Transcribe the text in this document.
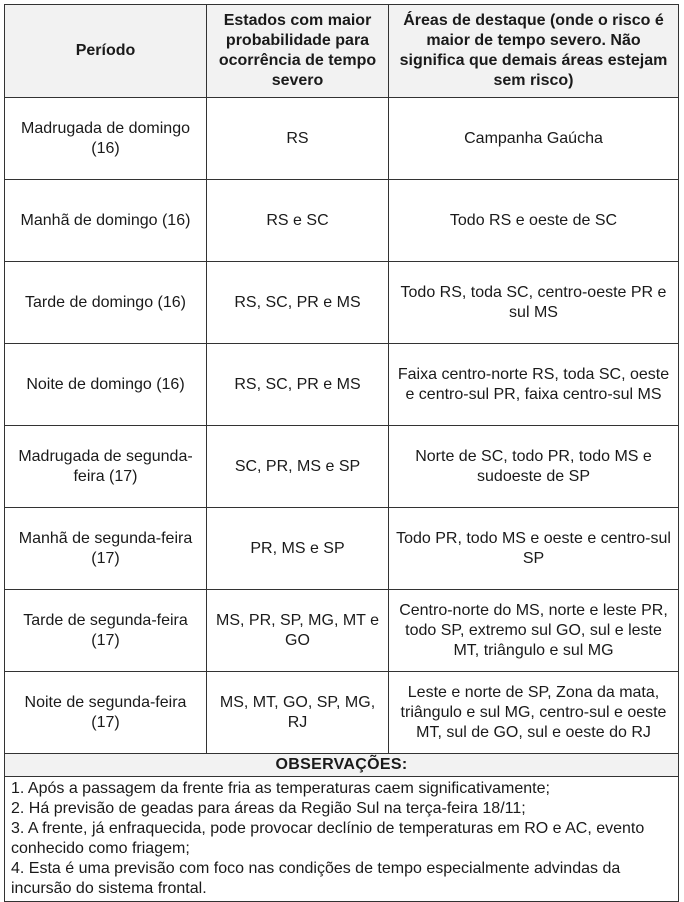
Período	Estados com maior probabilidade para ocorrência de tempo severo	Áreas de destaque (onde o risco é maior de tempo severo. Não significa que demais áreas estejam sem risco)
Madrugada de domingo (16)	RS	Campanha Gaúcha
Manhã de domingo (16)	RS e SC	Todo RS e oeste de SC
Tarde de domingo (16)	RS, SC, PR e MS	Todo RS, toda SC, centro-oeste PR e sul MS
Noite de domingo (16)	RS, SC, PR e MS	Faixa centro-norte RS, toda SC, oeste e centro-sul PR, faixa centro-sul MS
Madrugada de segunda-feira (17)	SC, PR, MS e SP	Norte de SC, todo PR, todo MS e sudoeste de SP
Manhã de segunda-feira (17)	PR, MS e SP	Todo PR, todo MS e oeste e centro-sul SP
Tarde de segunda-feira (17)	MS, PR, SP, MG, MT e GO	Centro-norte do MS, norte e leste PR, todo SP, extremo sul GO, sul e leste MT, triângulo e sul MG
Noite de segunda-feira (17)	MS, MT, GO, SP, MG, RJ	Leste e norte de SP, Zona da mata, triângulo e sul MG, centro-sul e oeste MT, sul de GO, sul e oeste do RJ
OBSERVAÇÕES:		

1. Após a passagem da frente fria as temperaturas caem significativamente;
2. Há previsão de geadas para áreas da Região Sul na terça-feira 18/11;
3. A frente, já enfraquecida, pode provocar declínio de temperaturas em RO e AC, evento conhecido como friagem;
4. Esta é uma previsão com foco nas condições de tempo especialmente advindas da incursão do sistema frontal.		
